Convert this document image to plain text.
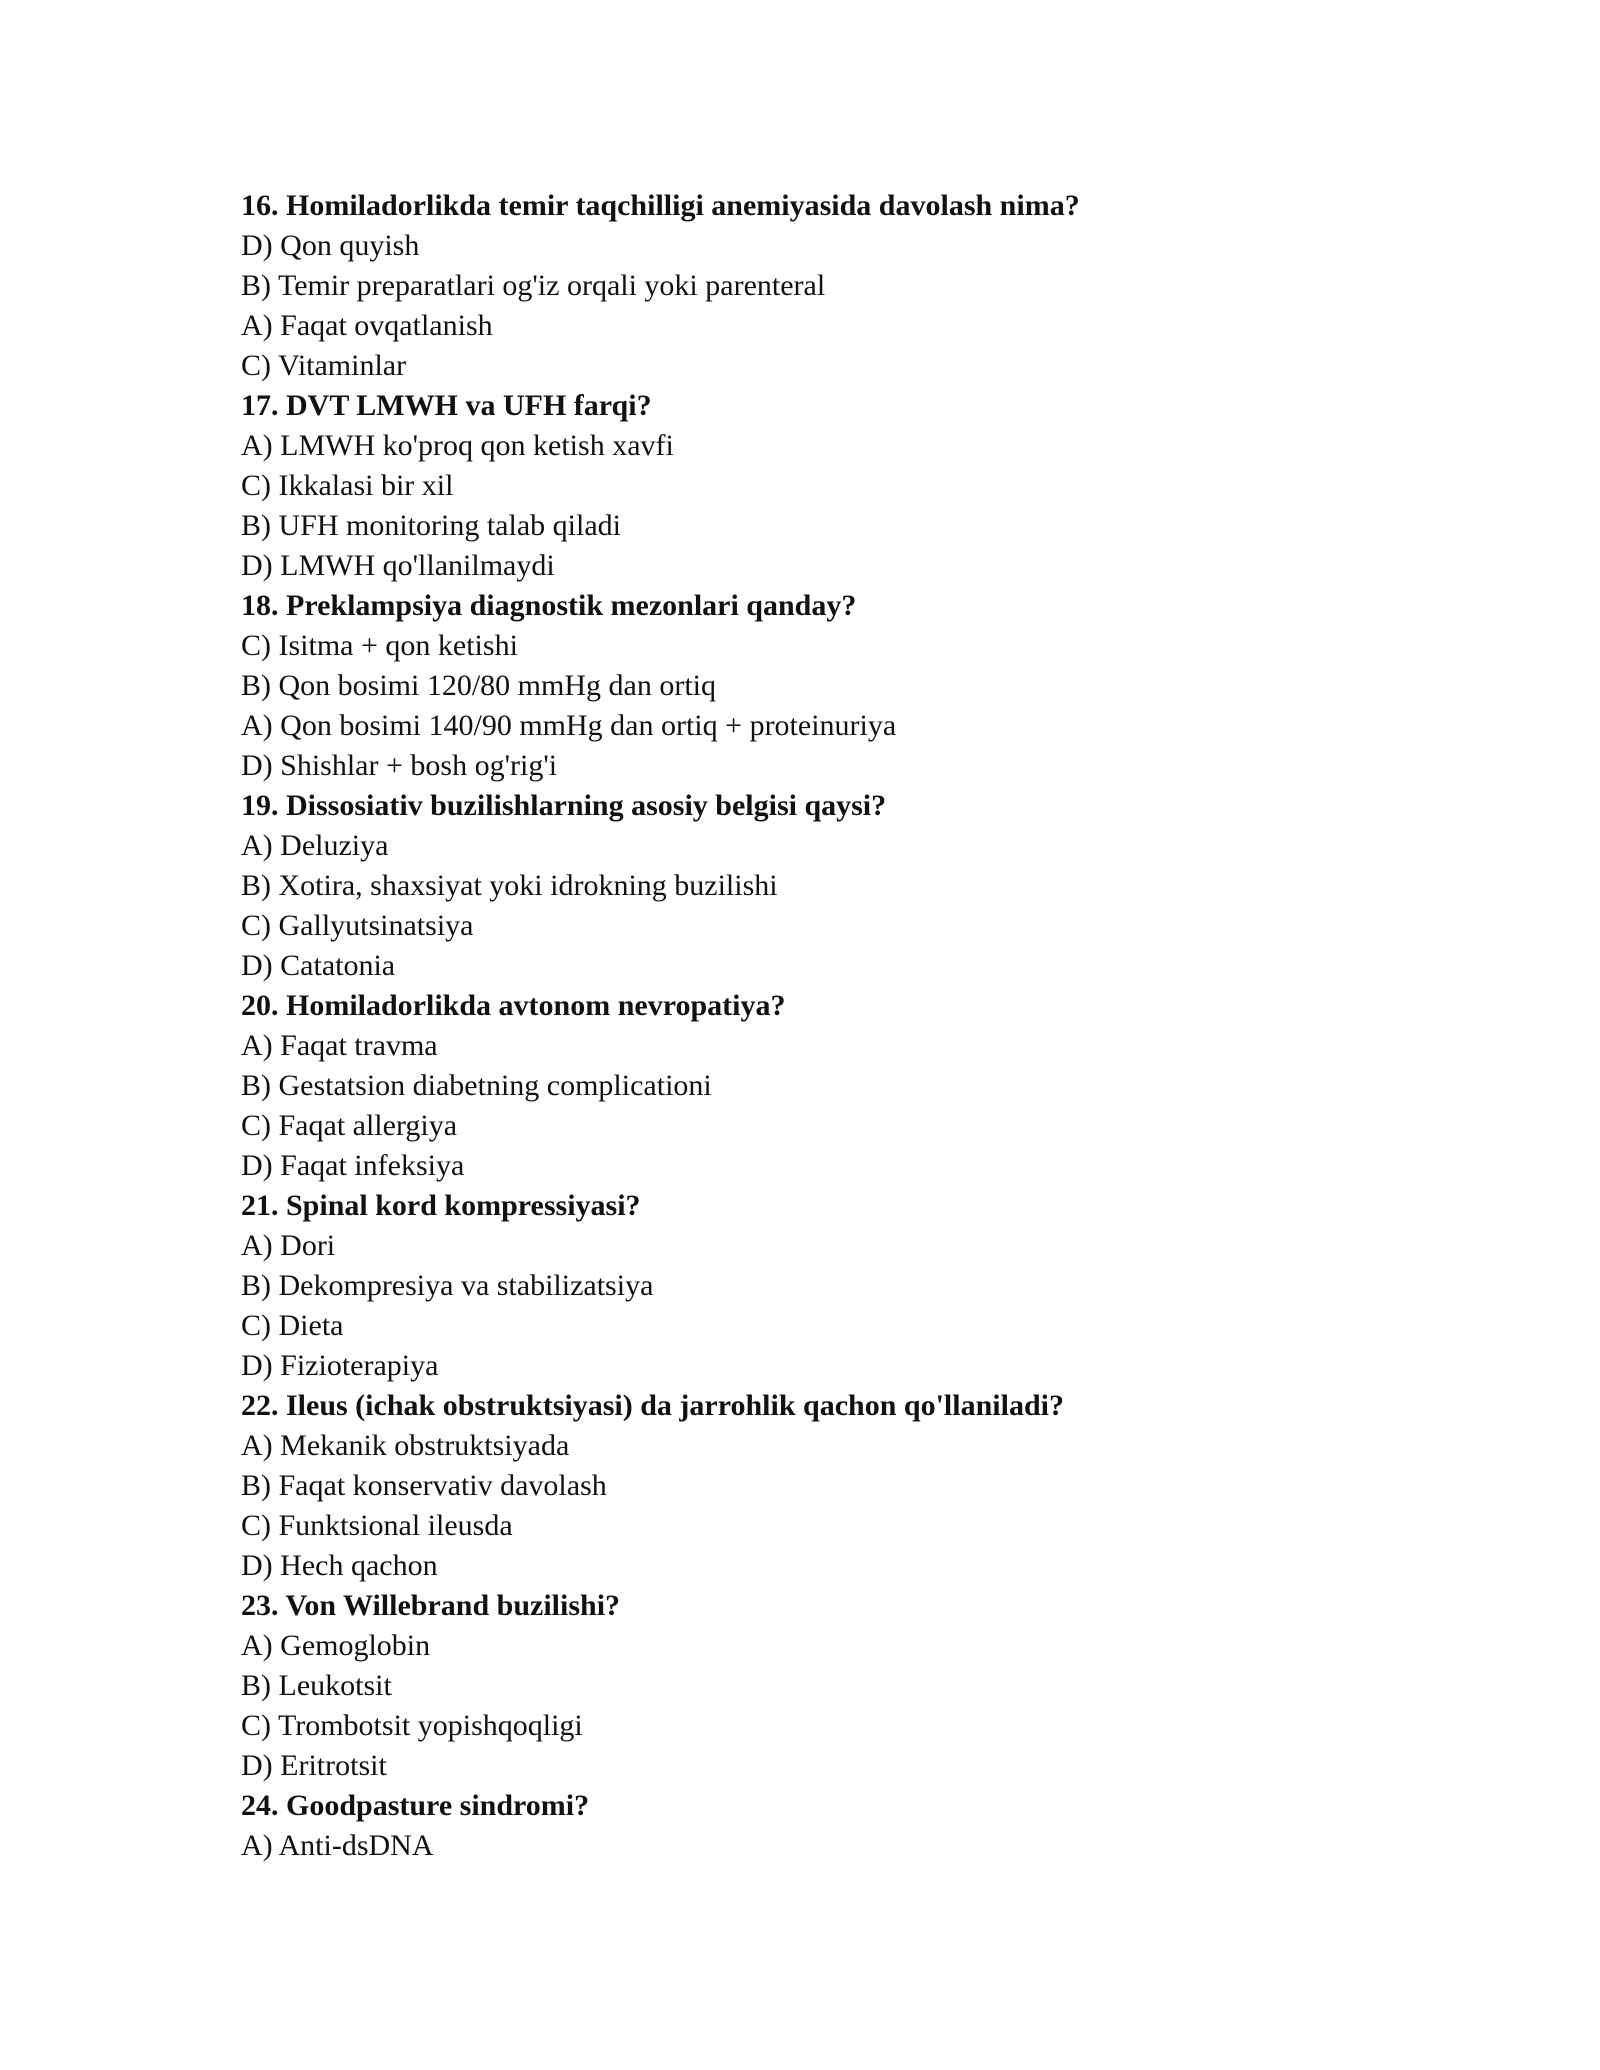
16. Homiladorlikda temir taqchilligi anemiyasida davolash nima?
D) Qon quyish
B) Temir preparatlari og'iz orqali yoki parenteral
A) Faqat ovqatlanish
C) Vitaminlar
17. DVT LMWH va UFH farqi?
A) LMWH ko'proq qon ketish xavfi
C) Ikkalasi bir xil
B) UFH monitoring talab qiladi
D) LMWH qo'llanilmaydi
18. Preklampsiya diagnostik mezonlari qanday?
C) Isitma + qon ketishi
B) Qon bosimi 120/80 mmHg dan ortiq
A) Qon bosimi 140/90 mmHg dan ortiq + proteinuriya
D) Shishlar + bosh og'rig'i
19. Dissosiativ buzilishlarning asosiy belgisi qaysi?
A) Deluziya
B) Xotira, shaxsiyat yoki idrokning buzilishi
C) Gallyutsinatsiya
D) Catatonia
20. Homiladorlikda avtonom nevropatiya?
A) Faqat travma
B) Gestatsion diabetning complicationi
C) Faqat allergiya
D) Faqat infeksiya
21. Spinal kord kompressiyasi?
A) Dori
B) Dekompresiya va stabilizatsiya
C) Dieta
D) Fizioterapiya
22. Ileus (ichak obstruktsiyasi) da jarrohlik qachon qo'llaniladi?
A) Mekanik obstruktsiyada
B) Faqat konservativ davolash
C) Funktsional ileusda
D) Hech qachon
23. Von Willebrand buzilishi?
A) Gemoglobin
B) Leukotsit
C) Trombotsit yopishqoqligi
D) Eritrotsit
24. Goodpasture sindromi?
A) Anti-dsDNA
